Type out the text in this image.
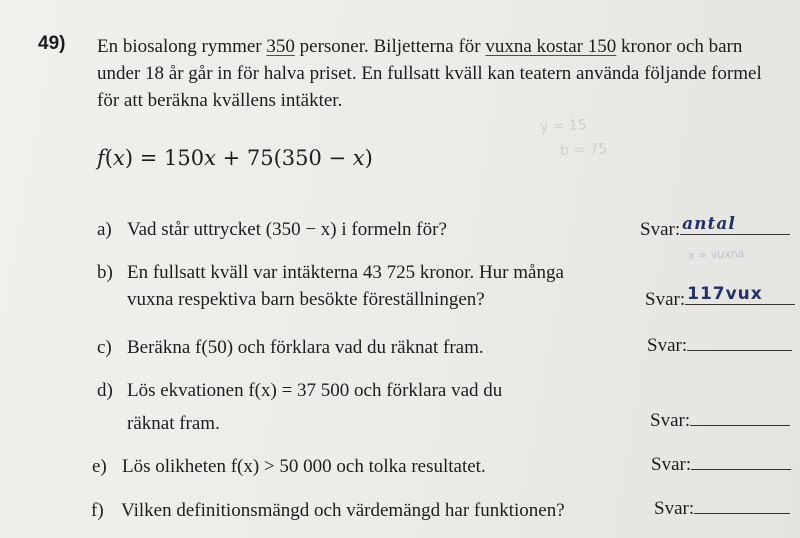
y = 15
b = 75
49) En biosalong rymmer 350 personer. Biljetterna för vuxna kostar 150 kronor och barn
under 18 år går in för halva priset. En fullsatt kväll kan teatern använda följande formel
för att beräkna kvällens intäkter.
f(x) = 150x + 75(350 − x)
a) Vad står uttrycket (350 − x) i formeln för?	Svar: antal
x = vuxna
b) En fullsatt kväll var intäkterna 43 725 kronor. Hur många
vuxna respektiva barn besökte föreställningen?	Svar: 117vux
c) Beräkna f(50) och förklara vad du räknat fram.	Svar:
d) Lös ekvationen f(x) = 37 500 och förklara vad du
räknat fram.	Svar:
e) Lös olikheten f(x) > 50 000 och tolka resultatet.	Svar:
f) Vilken definitionsmängd och värdemängd har funktionen?	Svar:
